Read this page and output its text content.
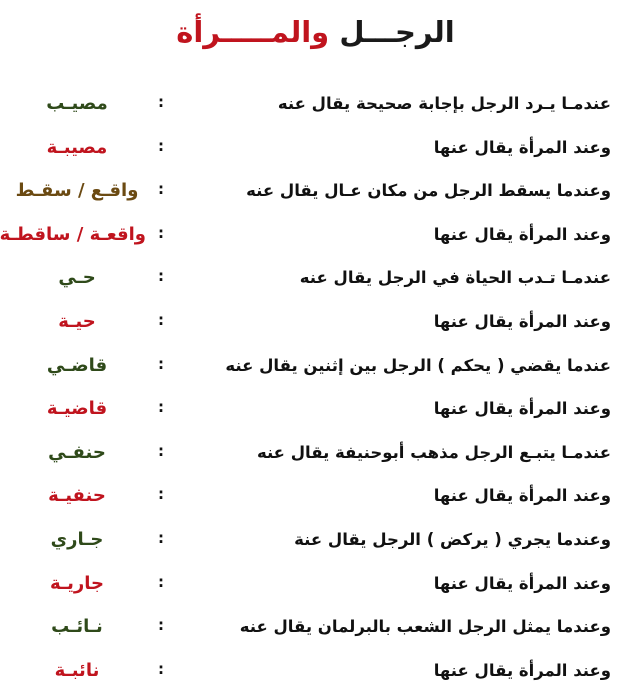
الرجـــل والمـــــرأة
عندمـا يـرد الرجل بإجابة صحيحة يقال عنه
:
مصيـب
وعند المرأة يقال عنها
:
مصيبـة
وعندما يسقط الرجل من مكان عـال يقال عنه
:
واقـع / سقـط
وعند المرأة يقال عنها
:
واقعـة / ساقطـة
عندمـا تـدب الحياة في الرجل يقال عنه
:
حـي
وعند المرأة يقال عنها
:
حيـة
عندما يقضي ( يحكم ) الرجل بين إثنين يقال عنه
:
قاضـي
وعند المرأة يقال عنها
:
قاضيـة
عندمـا يتبـع الرجل مذهب أبوحنيفة يقال عنه
:
حنفـي
وعند المرأة يقال عنها
:
حنفيـة
وعندما يجري ( يركض ) الرجل يقال عنة
:
جـاري
وعند المرأة يقال عنها
:
جاريـة
وعندما يمثل الرجل الشعب بالبرلمان يقال عنه
:
نـائـب
وعند المرأة يقال عنها
:
نائبـة
